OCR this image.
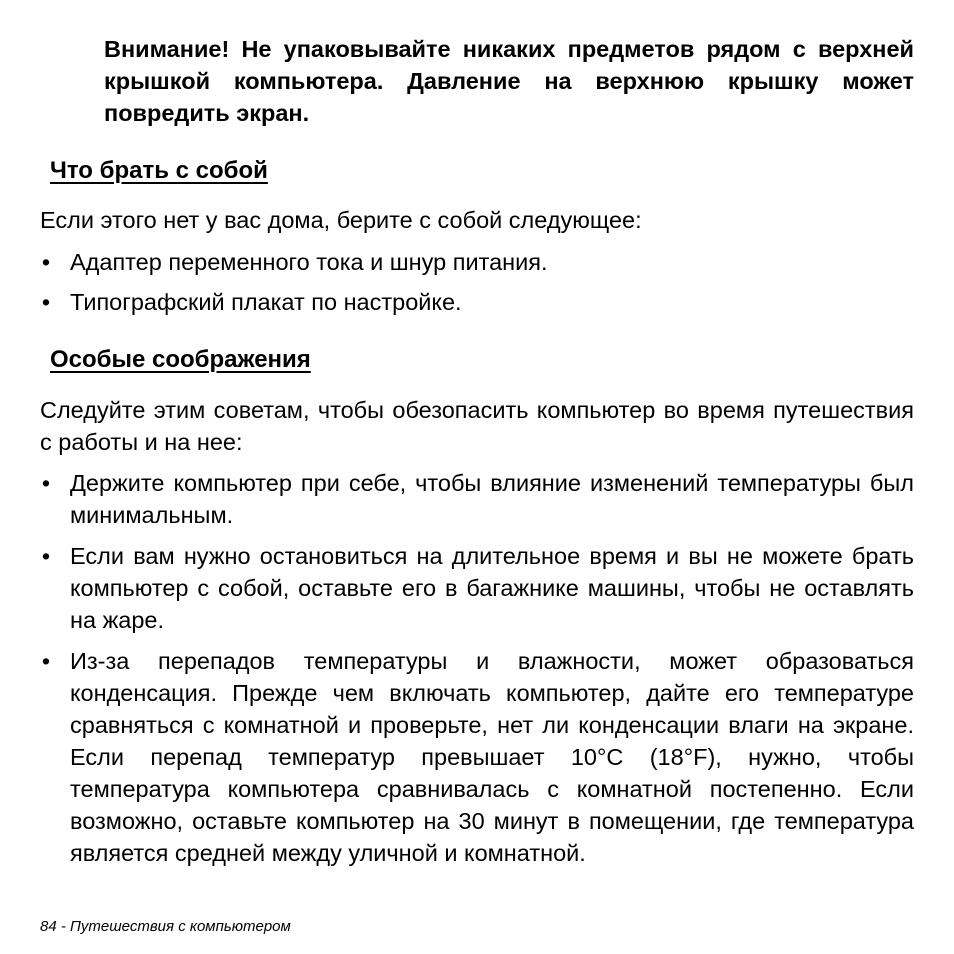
Внимание! Не упаковывайте никаких предметов рядом с верхней крышкой компьютера. Давление на верхнюю крышку может повредить экран.

Что брать с собой

Если этого нет у вас дома, берите с собой следующее:

• Адаптер переменного тока и шнур питания.
• Типографский плакат по настройке.
Особые соображения

Следуйте этим советам, чтобы обезопасить компьютер во время путешествия с работы и на нее:

• Держите компьютер при себе, чтобы влияние изменений температуры был минимальным.
• Если вам нужно остановиться на длительное время и вы не можете брать компьютер с собой, оставьте его в багажнике машины, чтобы не оставлять на жаре.
• Из-за перепадов температуры и влажности, может образоваться конденсация. Прежде чем включать компьютер, дайте его температуре сравняться с комнатной и проверьте, нет ли конденсации влаги на экране. Если перепад температур превышает 10°C (18°F), нужно, чтобы температура компьютера сравнивалась с комнатной постепенно. Если возможно, оставьте компьютер на 30 минут в помещении, где температура является средней между уличной и комнатной.

84 - Путешествия с компьютером
